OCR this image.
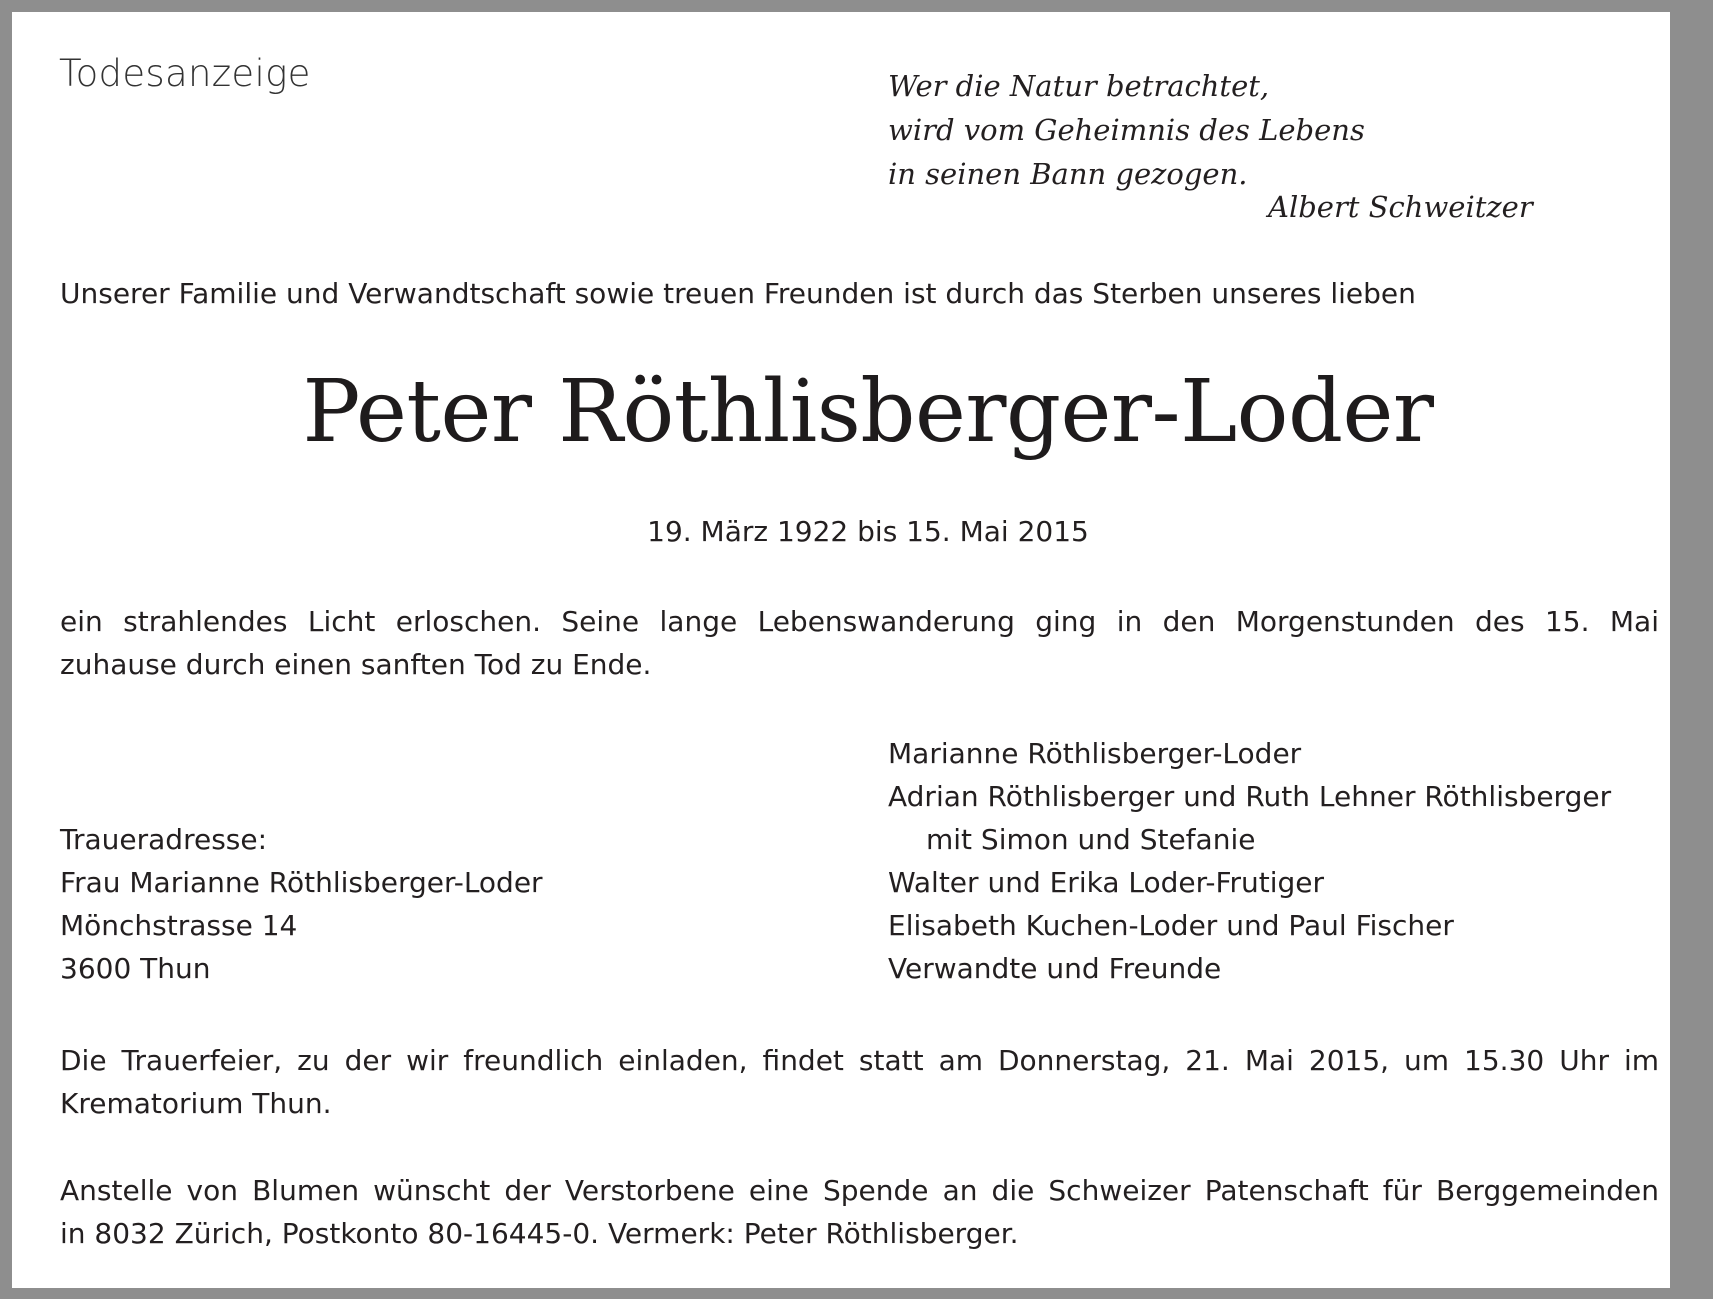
Todesanzeige	Wer die Natur betrachtet,
wird vom Geheimnis des Lebens
in seinen Bann gezogen.
Albert Schweitzer
Unserer Familie und Verwandtschaft sowie treuen Freunden ist durch das Sterben unseres lieben
Peter Röthlisberger-Loder
19. März 1922 bis 15. Mai 2015
ein strahlendes Licht erloschen. Seine lange Lebenswanderung ging in den Morgenstunden des 15. Mai
zuhause durch einen sanften Tod zu Ende.
Marianne Röthlisberger-Loder
Adrian Röthlisberger und Ruth Lehner Röthlisberger
mit Simon und Stefanie
Walter und Erika Loder-Frutiger
Elisabeth Kuchen-Loder und Paul Fischer
Verwandte und Freunde
Traueradresse:
Frau Marianne Röthlisberger-Loder
Mönchstrasse 14
3600 Thun
Die Trauerfeier, zu der wir freundlich einladen, findet statt am Donnerstag, 21. Mai 2015, um 15.30 Uhr im
Krematorium Thun.
Anstelle von Blumen wünscht der Verstorbene eine Spende an die Schweizer Patenschaft für Berggemeinden
in 8032 Zürich, Postkonto 80-16445-0. Vermerk: Peter Röthlisberger.
